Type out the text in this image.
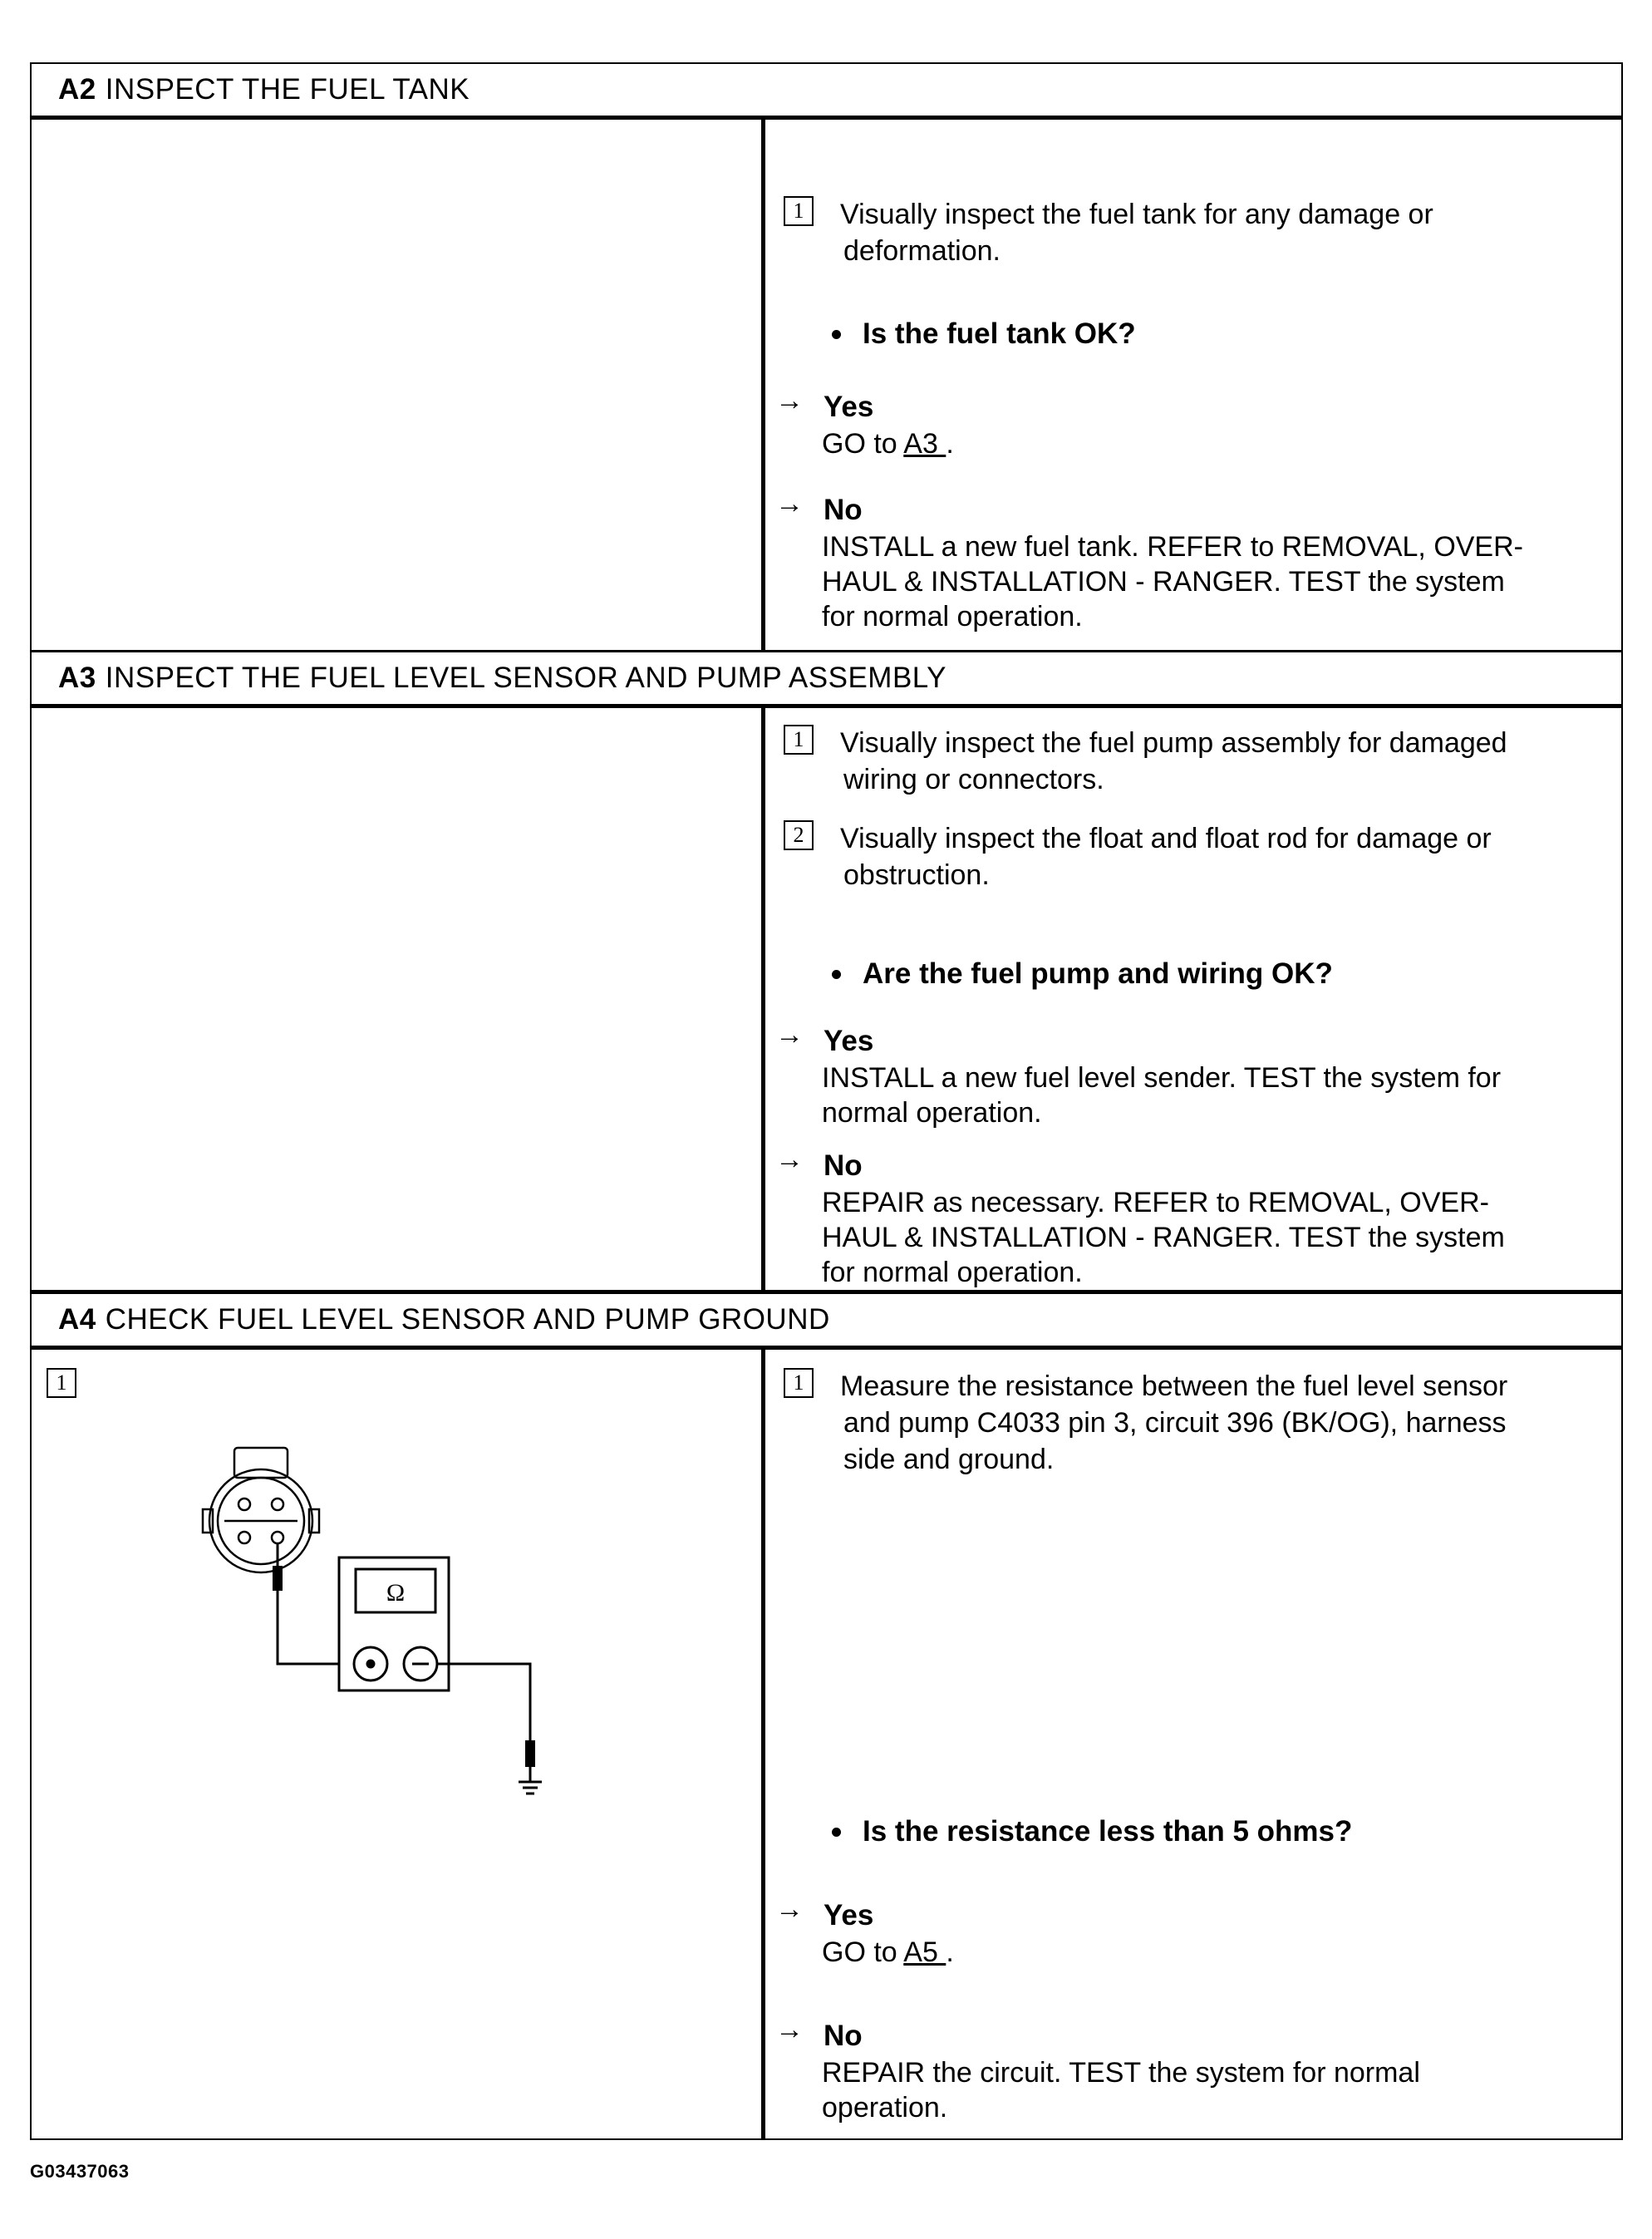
A2 INSPECT THE FUEL TANK
1	Visually inspect the fuel tank for any damage or
deformation.
Is the fuel tank OK?
→ Yes
GO to A3 .
→ No
INSTALL a new fuel tank. REFER to REMOVAL, OVER-
HAUL & INSTALLATION - RANGER. TEST the system
for normal operation.
A3 INSPECT THE FUEL LEVEL SENSOR AND PUMP ASSEMBLY
1	Visually inspect the fuel pump assembly for damaged
wiring or connectors.
2	Visually inspect the float and float rod for damage or
obstruction.
Are the fuel pump and wiring OK?
→ Yes
INSTALL a new fuel level sender. TEST the system for
normal operation.
→ No
REPAIR as necessary. REFER to REMOVAL, OVER-
HAUL & INSTALLATION - RANGER. TEST the system
for normal operation.
A4 CHECK FUEL LEVEL SENSOR AND PUMP GROUND
1
Ω
1	Measure the resistance between the fuel level sensor
and pump C4033 pin 3, circuit 396 (BK/OG), harness
side and ground.
Is the resistance less than 5 ohms?
→ Yes
GO to A5 .
→ No
REPAIR the circuit. TEST the system for normal
operation.
G03437063
